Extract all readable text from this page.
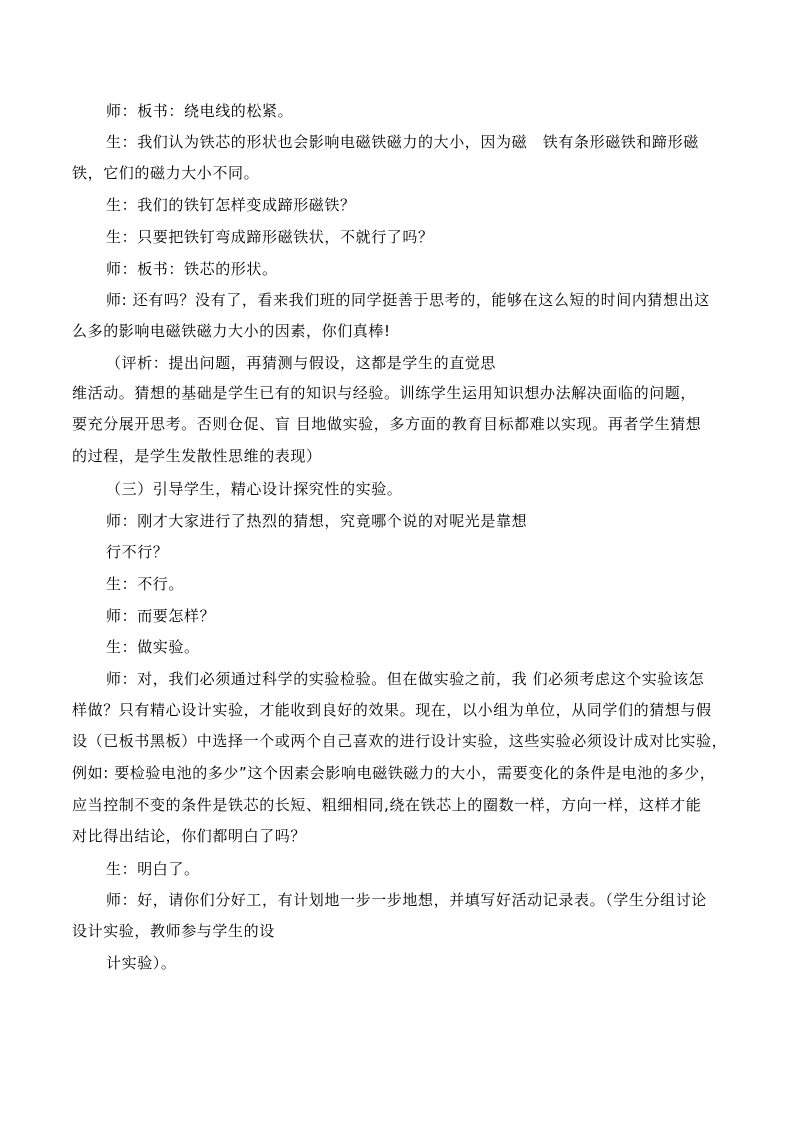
师：板书：绕电线的松紧。
生：我们认为铁芯的形状也会影响电磁铁磁力的大小，因为磁　铁有条形磁铁和蹄形磁
铁，它们的磁力大小不同。
生：我们的铁钉怎样变成蹄形磁铁？
生：只要把铁钉弯成蹄形磁铁状，不就行了吗？
师：板书：铁芯的形状。
师: 还有吗？没有了，看来我们班的同学挺善于思考的，能够在这么短的时间内猜想出这
么多的影响电磁铁磁力大小的因素，你们真棒!
（评析：提出问题，再猜测与假设，这都是学生的直觉思
维活动。猜想的基础是学生已有的知识与经验。训练学生运用知识想办法解决面临的问题，
要充分展开思考。否则仓促、盲 目地做实验，多方面的教育目标都难以实现。再者学生猜想
的过程，是学生发散性思维的表现）
（三）引导学生，精心设计探究性的实验。
师：刚才大家进行了热烈的猜想，究竟哪个说的对呢光是靠想
行不行？
生：不行。
师：而要怎样？
生：做实验。
师：对，我们必须通过科学的实验检验。但在做实验之前，我 们必须考虑这个实验该怎
样做？只有精心设计实验，才能收到良好的效果。现在，以小组为单位，从同学们的猜想与假
设（已板书黑板）中选择一个或两个自己喜欢的进行设计实验，这些实验必须设计成对比实验，
例如: 要检验电池的多少”这个因素会影响电磁铁磁力的大小，需要变化的条件是电池的多少，
应当控制不变的条件是铁芯的长短、粗细相同,绕在铁芯上的圈数一样，方向一样，这样才能
对比得出结论，你们都明白了吗？
生：明白了。
师：好，请你们分好工，有计划地一步一步地想，并填写好活动记录表。（学生分组讨论
设计实验，教师参与学生的设
计实验）。
